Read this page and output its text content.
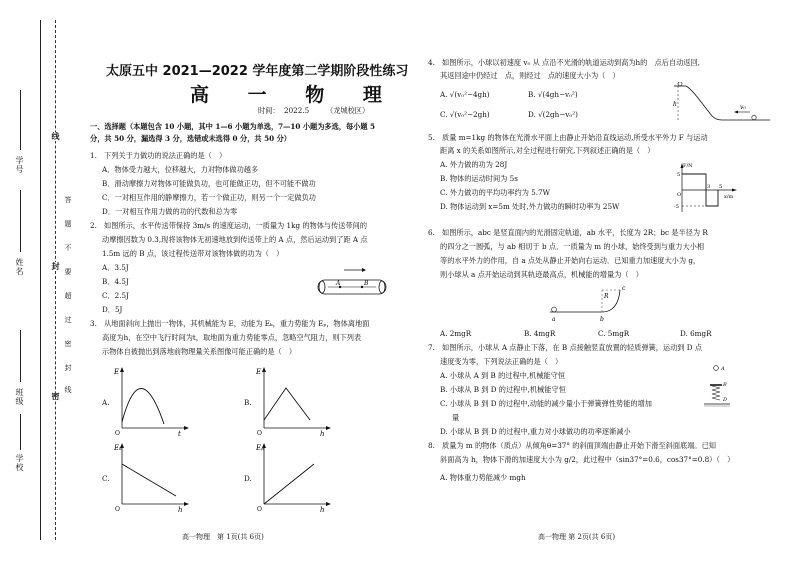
学号
姓名
班级
学校
线
封
密
答
题
不
要
超
过
密
封
线
太原五中 2021—2022 学年度第二学期阶段性练习
高 一 物 理
时间： 2022.5 （龙城校区）
一、选择题（本题包含 10 小题，其中 1—6 小题为单选，7—10 小题为多选，每小题 5
分，共 50 分，漏选得 3 分，选错或未选得 0 分，共 50 分）
1.　下列关于力做功的说法正确的是（　）
A．物体受力越大，位移越大，力对物体做功越多
B．滑动摩擦力对物体可能做负功，也可能做正功，但不可能不做功
C．一对相互作用的静摩擦力，若一个做正功，则另一个一定做负功
D．一对相互作用力做的功的代数和总为零
2.　如图所示，水平传送带保持 3m/s 的速度运动，一质量为 1kg 的物体与传送带间的
动摩擦因数为 0.3,现将该物体无初速地放到传送带上的 A 点，然后运动到了距 A 点
1.5m 远的 B 点，该过程传送带对该物体做的功为（　）
A．3.5J
B．4.5J
C．2.5J
D．5J
A	B
3.　从地面斜向上抛出一物体，其机械能为 E，动能为 Eₖ，重力势能为 Eₚ，物体离地面
高度为h，在空中飞行时间为t，取地面为重力势能零点，忽略空气阻力，则下列表
示物体自被抛出到落地前物理量关系图像可能正确的是（　）
A.
E
t
O
B.
E
h
O
C.
Eₖ
h
O
D.
Eₚ
h
O
高一物理　第 1页(共 6页)
4.　如图所示，小球以初速度 v₀ 从 点沿不光滑的轨道运动到高为h的　点后自动返回,
其返回途中仍经过　点，则经过　点的速度大小为（　）
A. √(v₀²−4gh)	B. √(4gh−v₀²)
C. √(v₀²−2gh)	D. √(2gh−v₀²)
h	v₀
5.　质量 m=1kg 的物体在光滑水平面上由静止开始沿直线运动,所受水平外力 F 与运动
距离 x 的关系如图所示,对全过程进行研究,下列叙述正确的是（　）
A. 外力做的功为 28J
B. 物体的运动时间为 5s
C. 外力做功的平均功率约为 5.7W
D. 物体运动到 x=5m 处时,外力做功的瞬时功率为 25W
F/N
x/m
5
-5
3 5
O
6.　如图所示，abc 是竖直面内的光滑固定轨道，ab 水平，长度为 2R；bc 是半径为 R
的四分之一圆弧，与 ab 相切于 b 点．一质量为 m 的小球，始终受到与重力大小相
等的水平外力的作用，自 a 点处从静止开始向右运动．已知重力加速度大小为 g，
则小球从 a 点开始运动到其轨迹最高点，机械能的增量为（　）
a	b
c
R
A. 2mgR	B. 4mgR	C. 5mgR	D. 6mgR
7.　如图所示，小球从 A 点静止下落，在 B 点接触竖直放置的轻质弹簧，运动到 D 点
速度变为零，下列说法正确的是（　）
A. 小球从 A 到 B 的过程中,机械能守恒
B. 小球从 B 到 D 的过程中,机械能守恒
C. 小球从 B 到 D 的过程中,动能的减少量小于弹簧弹性势能的增加
量
D. 小球从 B 到 D 的过程中,重力对小球做功的功率逐渐减小
A
B
D
8.　质量为 m 的物体（质点）从倾角θ=37° 的斜面顶端由静止开始下滑至斜面底端。已知
斜面高为 h，物体下滑的加速度大小为 g/2，此过程中（sin37°=0.6，cos37°=0.8）（　）
A. 物体重力势能减少 mgh
高一物理 第 2页(共 6页)
